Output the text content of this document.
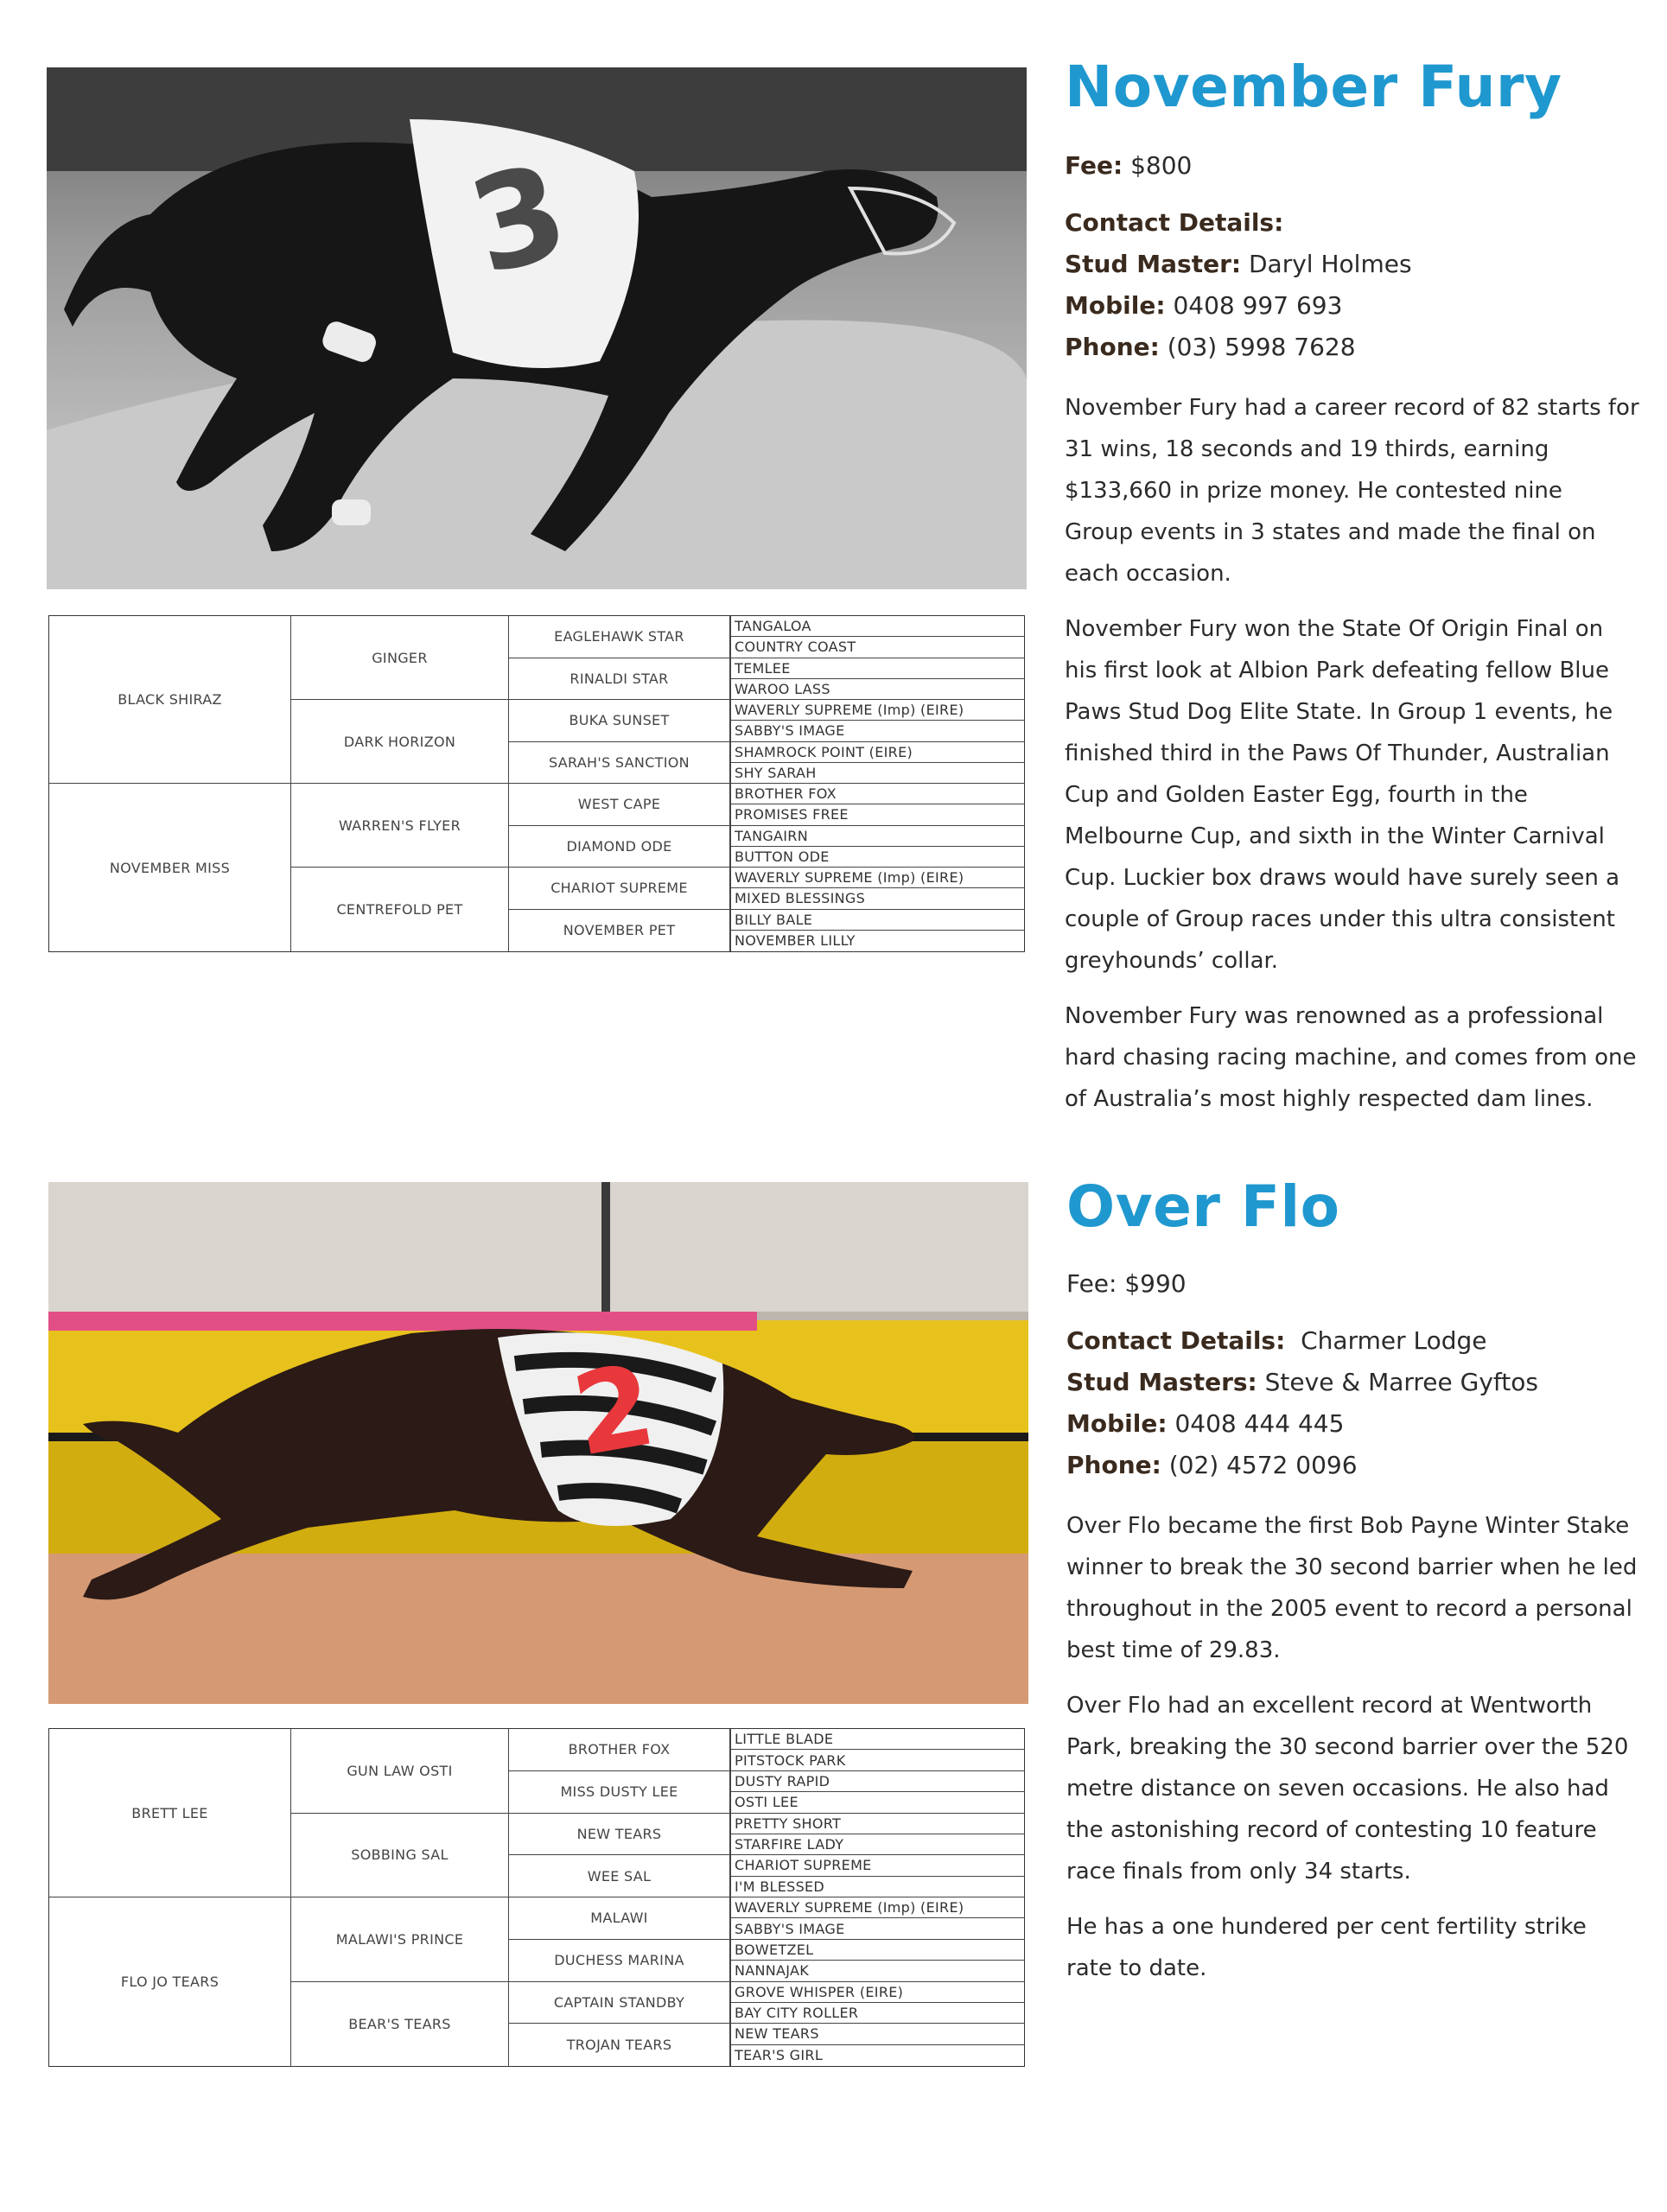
3
BLACK SHIRAZ
NOVEMBER MISS
GINGER
DARK HORIZON
WARREN'S FLYER
CENTREFOLD PET
EAGLEHAWK STAR
RINALDI STAR
BUKA SUNSET
SARAH'S SANCTION
WEST CAPE
DIAMOND ODE
CHARIOT SUPREME
NOVEMBER PET
TANGALOA
COUNTRY COAST
TEMLEE
WAROO LASS
WAVERLY SUPREME (Imp) (EIRE)
SABBY'S IMAGE
SHAMROCK POINT (EIRE)
SHY SARAH
BROTHER FOX
PROMISES FREE
TANGAIRN
BUTTON ODE
WAVERLY SUPREME (Imp) (EIRE)
MIXED BLESSINGS
BILLY BALE
NOVEMBER LILLY
November Fury
Fee: $800
Contact Details:
Stud Master: Daryl Holmes
Mobile: 0408 997 693
Phone: (03) 5998 7628

November Fury had a career record of 82 starts for
31 wins, 18 seconds and 19 thirds, earning
$133,660 in prize money. He contested nine
Group events in 3 states and made the final on
each occasion.

November Fury won the State Of Origin Final on
his first look at Albion Park defeating fellow Blue
Paws Stud Dog Elite State. In Group 1 events, he
finished third in the Paws Of Thunder, Australian
Cup and Golden Easter Egg, fourth in the
Melbourne Cup, and sixth in the Winter Carnival
Cup. Luckier box draws would have surely seen a
couple of Group races under this ultra consistent
greyhounds’ collar.

November Fury was renowned as a professional
hard chasing racing machine, and comes from one
of Australia’s most highly respected dam lines.

2
BRETT LEE
FLO JO TEARS
GUN LAW OSTI
SOBBING SAL
MALAWI'S PRINCE
BEAR'S TEARS
BROTHER FOX
MISS DUSTY LEE
NEW TEARS
WEE SAL
MALAWI
DUCHESS MARINA
CAPTAIN STANDBY
TROJAN TEARS
LITTLE BLADE
PITSTOCK PARK
DUSTY RAPID
OSTI LEE
PRETTY SHORT
STARFIRE LADY
CHARIOT SUPREME
I'M BLESSED
WAVERLY SUPREME (Imp) (EIRE)
SABBY'S IMAGE
BOWETZEL
NANNAJAK
GROVE WHISPER (EIRE)
BAY CITY ROLLER
NEW TEARS
TEAR'S GIRL
Over Flo
Fee: $990
Contact Details: Charmer Lodge
Stud Masters: Steve & Marree Gyftos
Mobile: 0408 444 445
Phone: (02) 4572 0096

Over Flo became the first Bob Payne Winter Stake
winner to break the 30 second barrier when he led
throughout in the 2005 event to record a personal
best time of 29.83.

Over Flo had an excellent record at Wentworth
Park, breaking the 30 second barrier over the 520
metre distance on seven occasions. He also had
the astonishing record of contesting 10 feature
race finals from only 34 starts.

He has a one hundered per cent fertility strike
rate to date.
